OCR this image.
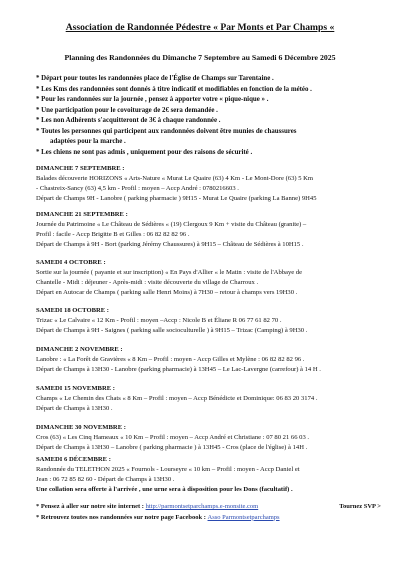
Association de Randonnée Pédestre « Par Monts et Par Champs «
Planning des Randonnées du Dimanche 7 Septembre au Samedi 6 Décembre 2025
* Départ pour toutes les randonnées place de l'Église de Champs sur Tarentaine .
* Les Kms des randonnées sont donnés à titre indicatif et modifiables en fonction de la météo .
* Pour les randonnées sur la journée , pensez à apporter votre « pique-nique » .
* Une participation pour le covoiturage de 2€ sera demandée .
* Les non Adhérents s'acquitteront de 3€ à chaque randonnée .
* Toutes les personnes qui participent aux randonnées doivent être munies de chaussures
adaptées pour la marche .
* Les chiens ne sont pas admis , uniquement pour des raisons de sécurité .
DIMANCHE 7 SEPTEMBRE :
Balades découverte HORIZONS « Arts-Nature « Murat Le Quaire (63) 4 Km - Le Mont-Dore (63) 5 Km
- Chastreix-Sancy (63) 4,5 km - Profil : moyen – Accp André : 0780216603 .
Départ de Champs 9H - Lanobre ( parking pharmacie ) 9H15 - Murat Le Quaire (parking La Banne) 9H45
DIMANCHE 21 SEPTEMBRE :
Journée du Patrimoine « Le Château de Sédières « (19) Clergoux 9 Km + visite du Château (granite) –
Profil : facile - Accp Brigitte B et Gilles : 06 82 82 82 96 .
Départ de Champs à 9H - Bort (parking Jérémy Chaussures) à 9H15 – Château de Sédières à 10H15 .
SAMEDI 4 OCTOBRE :
Sortie sur la journée ( payante et sur inscription) « En Pays d'Allier « le Matin : visite de l'Abbaye de
Chantelle - Midi : déjeuner - Après-midi : visite découverte du village de Charroux .
Départ en Autocar de Champs ( parking salle Henri Moins) à 7H30 – retour à champs vers 19H30 .
SAMEDI 18 OCTOBRE :
Trizac « Le Calvaire « 12 Km - Profil : moyen –Accp : Nicole B et Éliane R 06 77 61 82 70 .
Départ de Champs à 9H - Saignes ( parking salle socioculturelle ) à 9H15 – Trizac (Camping) à 9H30 .
DIMANCHE 2 NOVEMBRE :
Lanobre : « La Forêt de Gravières « 8 Km – Profil : moyen - Accp Gilles et Mylène : 06 82 82 82 96 .
Départ de Champs à 13H30 - Lanobre (parking pharmacie) à 13H45 – Le Lac-Lavergne (carrefour) à 14 H .
SAMEDI 15 NOVEMBRE :
Champs « Le Chemin des Chats « 8 Km – Profil : moyen – Accp Bénédicte et Dominique: 06 83 20 3174 .
Départ de Champs à 13H30 .
DIMANCHE 30 NOVEMBRE :
Cros (63) « Les Cinq Hameaux « 10 Km – Profil : moyen – Accp André et Christiane : 07 80 21 66 03 .
Départ de Champs à 13H30 – Lanobre ( parking pharmacie ) à 13H45 - Cros (place de l'église) à 14H .
SAMEDI 6 DÉCEMBRE :
Randonnée du TELETHON 2025 « Fournols - Lourseyre « 10 km – Profil : moyen - Accp Daniel et
Jean : 06 72 85 82 60 - Départ de Champs à 13H30 .
Une collation sera offerte à l'arrivée , une urne sera à disposition pour les Dons (facultatif) .
* Pensez à aller sur notre site internet : http://parmontsetparchamps.e-monsite.com	Tournez SVP >
* Retrouvez toutes nos randonnées sur notre page Facebook : Asso Parmontsetparchamps
